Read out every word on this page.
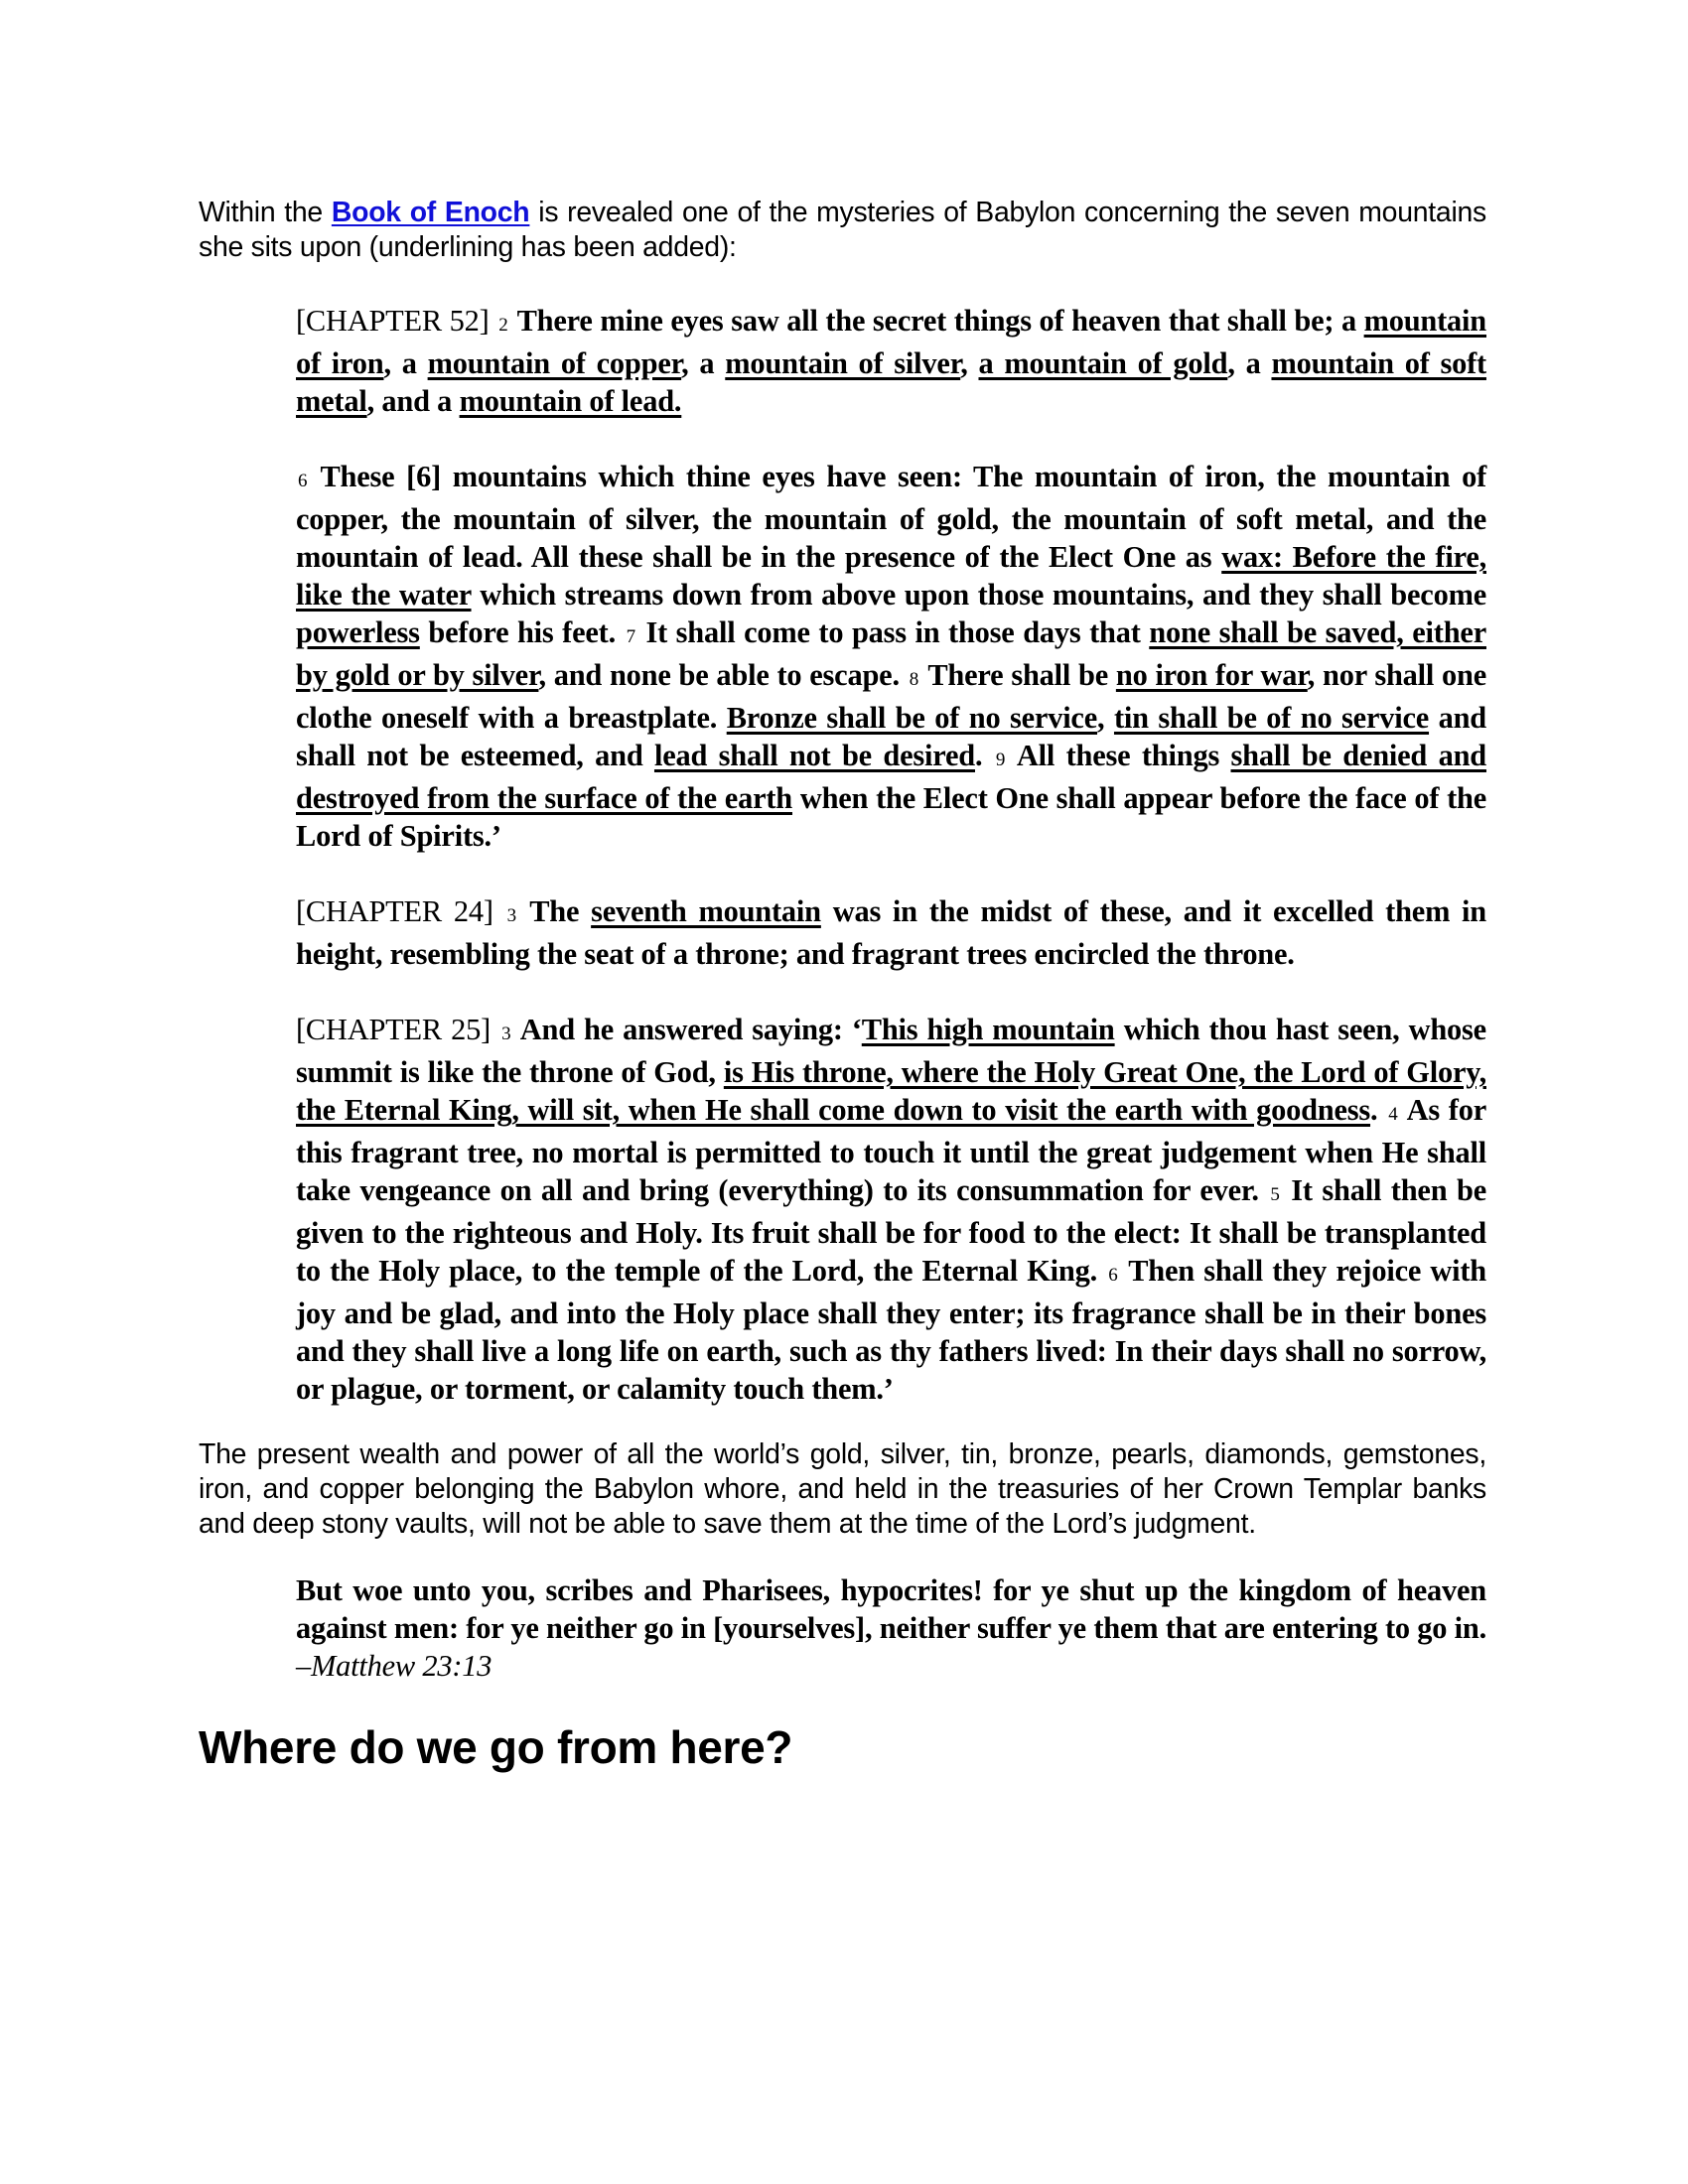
Within the Book of Enoch is revealed one of the mysteries of Babylon concerning the seven mountains she sits upon (underlining has been added):

[CHAPTER 52] 2 There mine eyes saw all the secret things of heaven that shall be; a mountain of iron, a mountain of copper, a mountain of silver, a mountain of gold, a mountain of soft metal, and a mountain of lead.

6 These [6] mountains which thine eyes have seen: The mountain of iron, the mountain of copper, the mountain of silver, the mountain of gold, the mountain of soft metal, and the mountain of lead. All these shall be in the presence of the Elect One as wax: Before the fire, like the water which streams down from above upon those mountains, and they shall become powerless before his feet. 7 It shall come to pass in those days that none shall be saved, either by gold or by silver, and none be able to escape. 8 There shall be no iron for war, nor shall one clothe oneself with a breastplate. Bronze shall be of no service, tin shall be of no service and shall not be esteemed, and lead shall not be desired. 9 All these things shall be denied and destroyed from the surface of the earth when the Elect One shall appear before the face of the Lord of Spirits.’

[CHAPTER 24] 3 The seventh mountain was in the midst of these, and it excelled them in height, resembling the seat of a throne; and fragrant trees encircled the throne.

[CHAPTER 25] 3 And he answered saying: ‘This high mountain which thou hast seen, whose summit is like the throne of God, is His throne, where the Holy Great One, the Lord of Glory, the Eternal King, will sit, when He shall come down to visit the earth with goodness. 4 As for this fragrant tree, no mortal is permitted to touch it until the great judgement when He shall take vengeance on all and bring (everything) to its consummation for ever. 5 It shall then be given to the righteous and Holy. Its fruit shall be for food to the elect: It shall be transplanted to the Holy place, to the temple of the Lord, the Eternal King. 6 Then shall they rejoice with joy and be glad, and into the Holy place shall they enter; its fragrance shall be in their bones and they shall live a long life on earth, such as thy fathers lived: In their days shall no sorrow, or plague, or torment, or calamity touch them.’

The present wealth and power of all the world’s gold, silver, tin, bronze, pearls, diamonds, gemstones, iron, and copper belonging the Babylon whore, and held in the treasuries of her Crown Templar banks and deep stony vaults, will not be able to save them at the time of the Lord’s judgment.

But woe unto you, scribes and Pharisees, hypocrites! for ye shut up the kingdom of heaven against men: for ye neither go in [yourselves], neither suffer ye them that are entering to go in. –Matthew 23:13

Where do we go from here?
